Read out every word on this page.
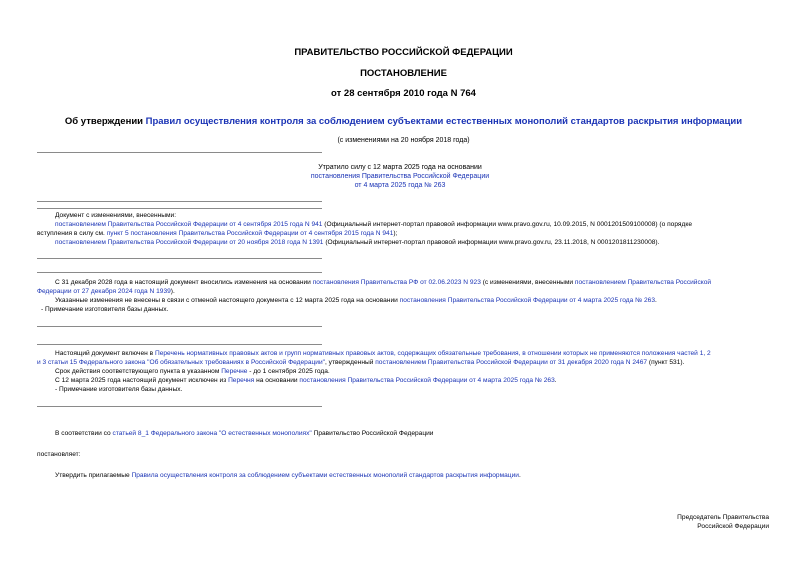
ПРАВИТЕЛЬСТВО РОССИЙСКОЙ ФЕДЕРАЦИИ
ПОСТАНОВЛЕНИЕ
от 28 сентября 2010 года N 764
Об утверждении Правил осуществления контроля за соблюдением субъектами естественных монополий стандартов раскрытия информации
(с изменениями на 20 ноября 2018 года)
Утратило силу с 12 марта 2025 года на основании
постановления Правительства Российской Федерации
от 4 марта 2025 года № 263
Документ с изменениями, внесенными:
постановлением Правительства Российской Федерации от 4 сентября 2015 года N 941 (Официальный интернет-портал правовой информации www.pravo.gov.ru, 10.09.2015, N 0001201509100008) (о порядке
вступления в силу см. пункт 5 постановления Правительства Российской Федерации от 4 сентября 2015 года N 941);
постановлением Правительства Российской Федерации от 20 ноября 2018 года N 1391 (Официальный интернет-портал правовой информации www.pravo.gov.ru, 23.11.2018, N 0001201811230008).
С 31 декабря 2028 года в настоящий документ вносились изменения на основании постановления Правительства РФ от 02.06.2023 N 923 (с изменениями, внесенными постановлением Правительства Российской
Федерации от 27 декабря 2024 года N 1939).
Указанные изменения не внесены в связи с отменой настоящего документа с 12 марта 2025 года на основании постановления Правительства Российской Федерации от 4 марта 2025 года № 263.
- Примечание изготовителя базы данных.
Настоящий документ включен в Перечень нормативных правовых актов и групп нормативных правовых актов, содержащих обязательные требования, в отношении которых не применяются положения частей 1, 2
и 3 статьи 15 Федерального закона "Об обязательных требованиях в Российской Федерации", утвержденный постановлением Правительства Российской Федерации от 31 декабря 2020 года N 2467 (пункт 531).
Срок действия соответствующего пункта в указанном Перечне - до 1 сентября 2025 года.
С 12 марта 2025 года настоящий документ исключен из Перечня на основании постановления Правительства Российской Федерации от 4 марта 2025 года № 263.
- Примечание изготовителя базы данных.
В соответствии со статьей 8_1 Федерального закона "О естественных монополиях" Правительство Российской Федерации
постановляет:
Утвердить прилагаемые Правила осуществления контроля за соблюдением субъектами естественных монополий стандартов раскрытия информации.
Председатель Правительства
Российской Федерации
